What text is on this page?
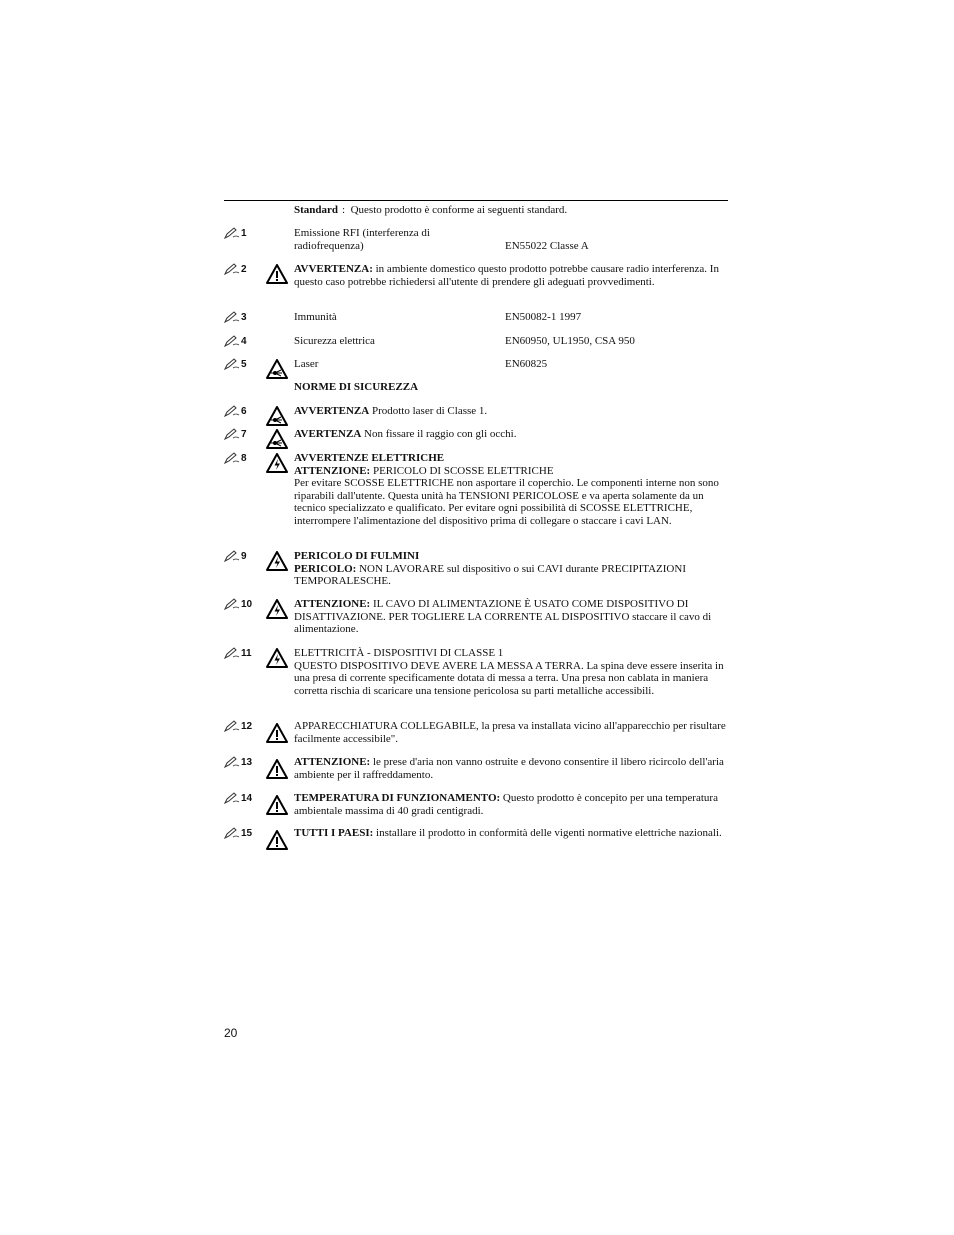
Standard :  Questo prodotto è conforme ai seguenti standard.
1	Emissione RFI (interferenza di
radiofrequenza)	EN55022 Classe A
2	AVVERTENZA: in ambiente domestico questo prodotto potrebbe causare radio interferenza. In questo caso potrebbe richiedersi all'utente di prendere gli adeguati provvedimenti.
3	Immunità	EN50082-1 1997
4	Sicurezza elettrica	EN60950, UL1950, CSA 950
5	Laser	EN60825
NORME DI SICUREZZA
6	AVVERTENZA Prodotto laser di Classe 1.
7	AVERTENZA Non fissare il raggio con gli occhi.
8	AVVERTENZE ELETTRICHE
ATTENZIONE: PERICOLO DI SCOSSE ELETTRICHE
Per evitare SCOSSE ELETTRICHE non asportare il coperchio. Le componenti interne non sono riparabili dall'utente. Questa unità ha TENSIONI PERICOLOSE e va aperta solamente da un tecnico specializzato e qualificato. Per evitare ogni possibilità di SCOSSE ELETTRICHE, interrompere l'alimentazione del dispositivo prima di collegare o staccare i cavi LAN.
9	PERICOLO DI FULMINI
PERICOLO: NON LAVORARE sul dispositivo o sui CAVI durante PRECIPITAZIONI TEMPORALESCHE.
10	ATTENZIONE: IL CAVO DI ALIMENTAZIONE È USATO COME DISPOSITIVO DI DISATTIVAZIONE. PER TOGLIERE LA CORRENTE AL DISPOSITIVO staccare il cavo di alimentazione.
11	ELETTRICITÀ - DISPOSITIVI DI CLASSE 1
QUESTO DISPOSITIVO DEVE AVERE LA MESSA A TERRA. La spina deve essere inserita in una presa di corrente specificamente dotata di messa a terra. Una presa non cablata in maniera corretta rischia di scaricare una tensione pericolosa su parti metalliche accessibili.
12	APPARECCHIATURA COLLEGABILE, la presa va installata vicino all'apparecchio per risultare facilmente accessibile".
13	ATTENZIONE: le prese d'aria non vanno ostruite e devono consentire il libero ricircolo dell'aria ambiente per il raffreddamento.
14	TEMPERATURA DI FUNZIONAMENTO: Questo prodotto è concepito per una temperatura ambientale massima di 40 gradi centigradi.
15	TUTTI I PAESI: installare il prodotto in conformità delle vigenti normative elettriche nazionali.
20
